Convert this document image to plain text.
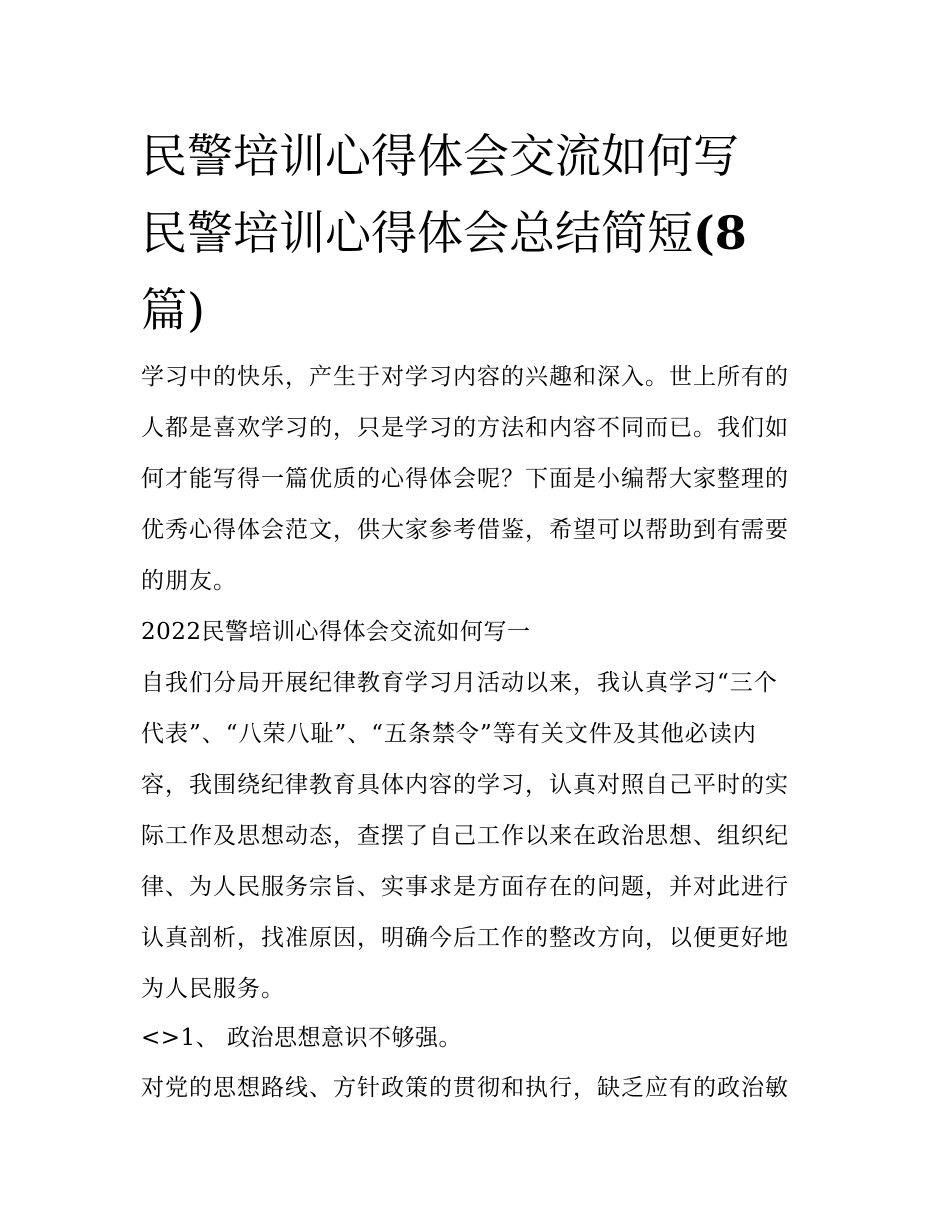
民警培训心得体会交流如何写
民警培训心得体会总结简短(8
篇)
学习中的快乐，产生于对学习内容的兴趣和深入。世上所有的
人都是喜欢学习的，只是学习的方法和内容不同而已。我们如
何才能写得一篇优质的心得体会呢？下面是小编帮大家整理的
优秀心得体会范文，供大家参考借鉴，希望可以帮助到有需要
的朋友。
2022民警培训心得体会交流如何写一
自我们分局开展纪律教育学习月活动以来，我认真学习“三个
代表”、“八荣八耻”、“五条禁令”等有关文件及其他必读内
容，我围绕纪律教育具体内容的学习，认真对照自己平时的实
际工作及思想动态，查摆了自己工作以来在政治思想、组织纪
律、为人民服务宗旨、实事求是方面存在的问题，并对此进行
认真剖析，找准原因，明确今后工作的整改方向，以便更好地
为人民服务。
<>1、 政治思想意识不够强。
对党的思想路线、方针政策的贯彻和执行，缺乏应有的政治敏
